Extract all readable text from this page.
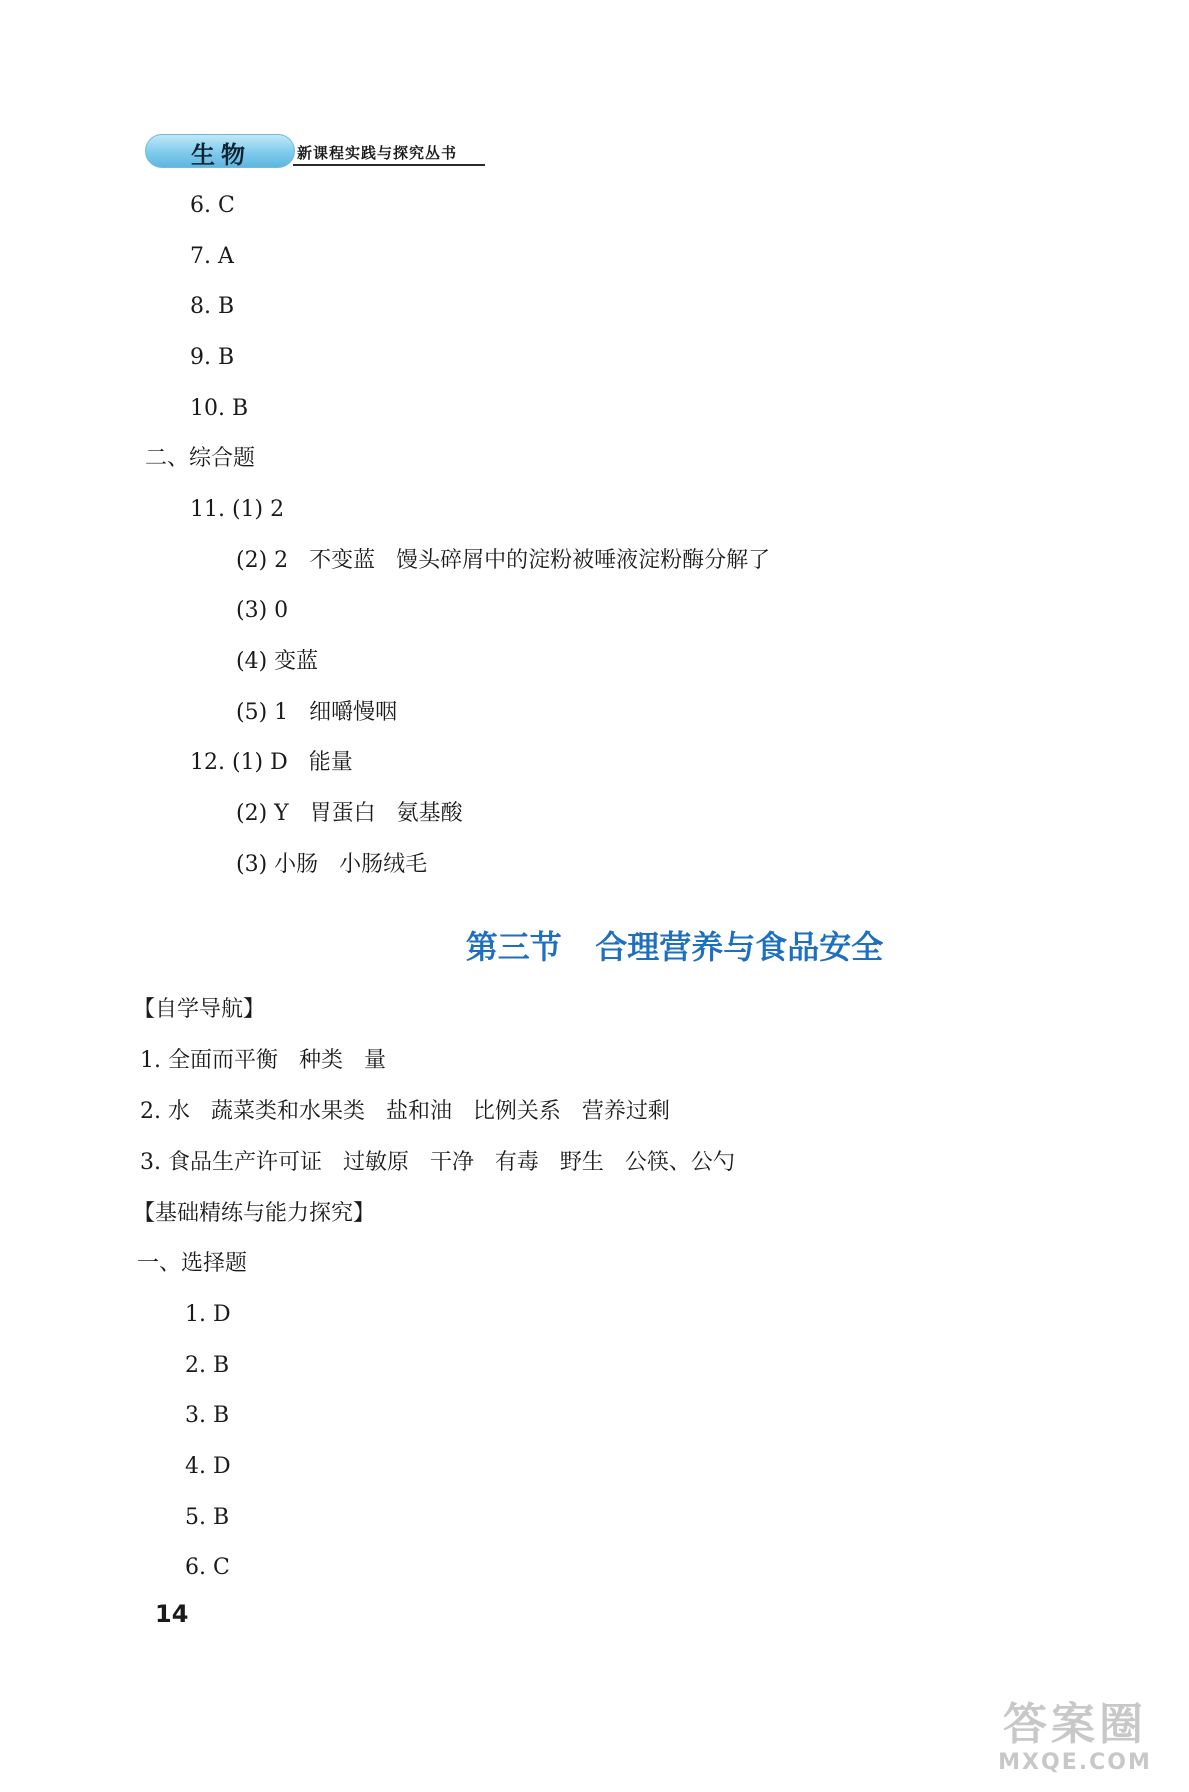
生物	新课程实践与探究丛书
6. C
7. A
8. B
9. B
10. B
二、综合题
11. (1) 2
(2) 2   不变蓝   馒头碎屑中的淀粉被唾液淀粉酶分解了
(3) 0
(4) 变蓝
(5) 1   细嚼慢咽
12. (1) D   能量
(2) Y   胃蛋白   氨基酸
(3) 小肠   小肠绒毛
第三节   合理营养与食品安全
【自学导航】
1. 全面而平衡   种类   量
2. 水   蔬菜类和水果类   盐和油   比例关系   营养过剩
3. 食品生产许可证   过敏原   干净   有毒   野生   公筷、公勺
【基础精练与能力探究】
一、选择题
1. D
2. B
3. B
4. D
5. B
6. C
14
答案圈
MXQE.COM
